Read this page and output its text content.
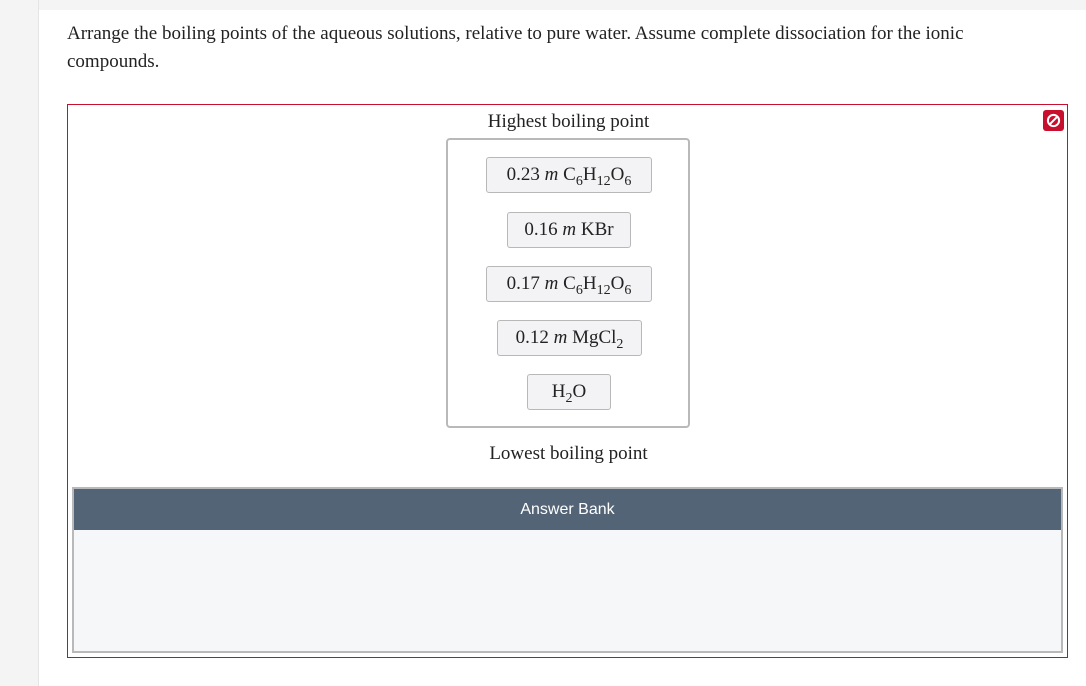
Arrange the boiling points of the aqueous solutions, relative to pure water. Assume complete dissociation for the ionic compounds.
Highest boiling point
0.23
m
$C_6H_{12}O_6$
0.16
m
KBr
0.17
m
$C_6H_{12}O_6$
0.12
m
MgCl$_2$
$H_2O$
Lowest boiling point
Answer Bank
